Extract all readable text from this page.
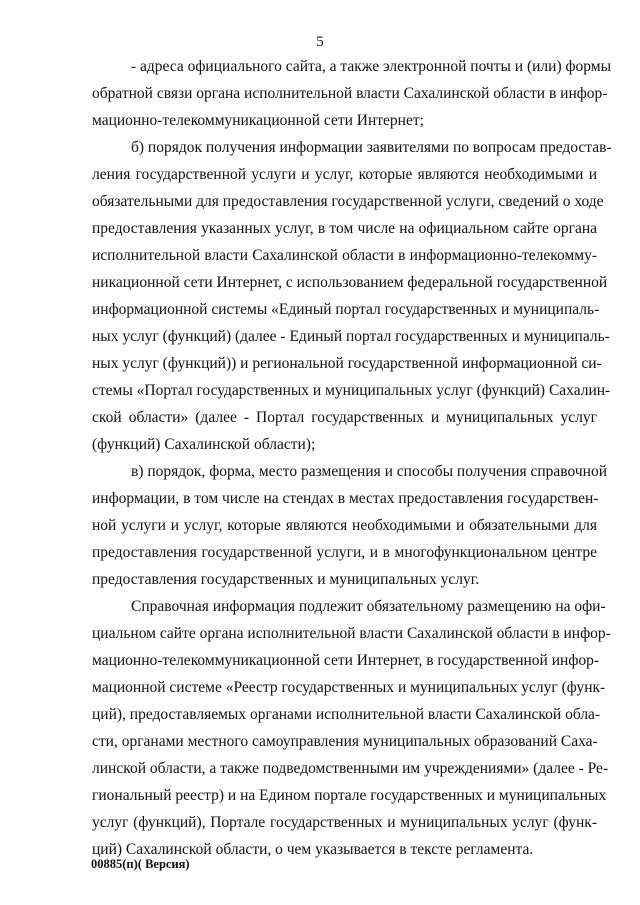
5
- адреса официального сайта, а также электронной почты и (или) формы
обратной связи органа исполнительной власти Сахалинской области в инфор-
мационно-телекоммуникационной сети Интернет;
б) порядок получения информации заявителями по вопросам предостав-
ления государственной услуги и услуг, которые являются необходимыми и
обязательными для предоставления государственной услуги, сведений о ходе
предоставления указанных услуг, в том числе на официальном сайте органа
исполнительной власти Сахалинской области в информационно-телекомму-
никационной сети Интернет, с использованием федеральной государственной
информационной системы «Единый портал государственных и муниципаль-
ных услуг (функций) (далее - Единый портал государственных и муниципаль-
ных услуг (функций)) и региональной государственной информационной си-
стемы «Портал государственных и муниципальных услуг (функций) Сахалин-
ской области» (далее - Портал государственных и муниципальных услуг
(функций) Сахалинской области);
в) порядок, форма, место размещения и способы получения справочной
информации, в том числе на стендах в местах предоставления государствен-
ной услуги и услуг, которые являются необходимыми и обязательными для
предоставления государственной услуги, и в многофункциональном центре
предоставления государственных и муниципальных услуг.
Справочная информация подлежит обязательному размещению на офи-
циальном сайте органа исполнительной власти Сахалинской области в инфор-
мационно-телекоммуникационной сети Интернет, в государственной инфор-
мационной системе «Реестр государственных и муниципальных услуг (функ-
ций), предоставляемых органами исполнительной власти Сахалинской обла-
сти, органами местного самоуправления муниципальных образований Саха-
линской области, а также подведомственными им учреждениями» (далее - Ре-
гиональный реестр) и на Едином портале государственных и муниципальных
услуг (функций), Портале государственных и муниципальных услуг (функ-
ций) Сахалинской области, о чем указывается в тексте регламента.
00885(п)( Версия)
